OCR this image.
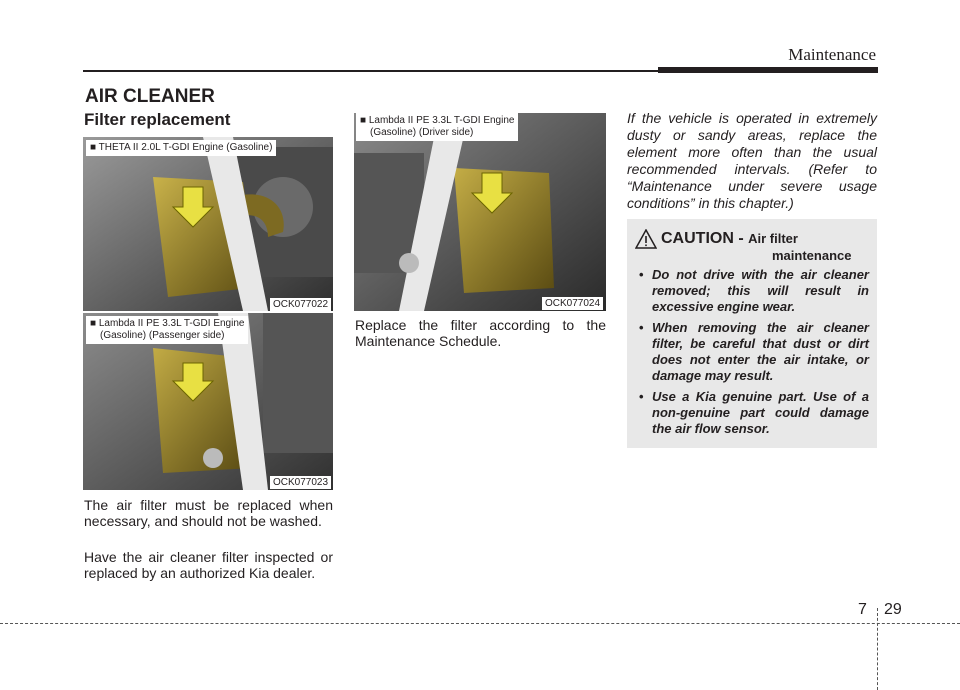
Maintenance
AIR CLEANER
Filter replacement
■ THETA II 2.0L T-GDI Engine (Gasoline)
OCK077022
■ Lambda II PE 3.3L T-GDI Engine
(Gasoline) (Passenger side)
OCK077023
■ Lambda II PE 3.3L T-GDI Engine
(Gasoline) (Driver side)
OCK077024
The air filter must be replaced when necessary, and should not be washed.
Have the air cleaner filter inspected or replaced by an authorized Kia dealer.
Replace the filter according to the Maintenance Schedule.
If the vehicle is operated in extremely dusty or sandy areas, replace the element more often than the usual recommended intervals. (Refer to “Maintenance under severe usage conditions” in this chapter.)
CAUTION - Air filter
maintenance
• Do not drive with the air cleaner removed; this will result in excessive engine wear.
• When removing the air cleaner filter, be careful that dust or dirt does not enter the air intake, or damage may result.
• Use a Kia genuine part. Use of a non-genuine part could damage the air flow sensor.
7 29
